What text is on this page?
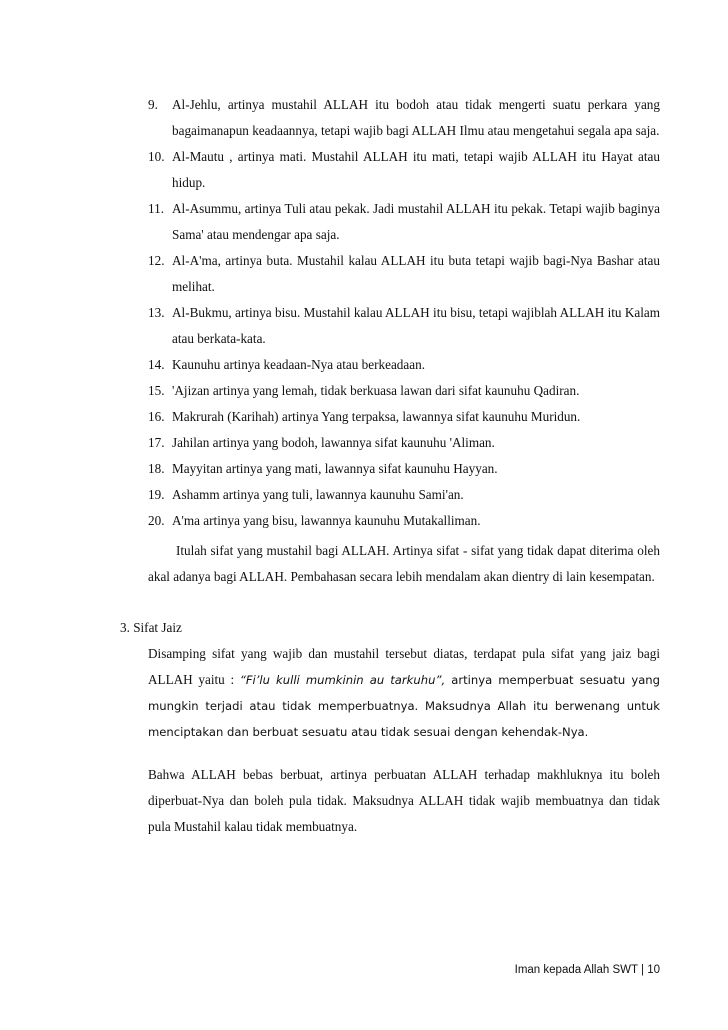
9. Al-Jehlu, artinya mustahil ALLAH itu bodoh atau tidak mengerti suatu perkara yang bagaimanapun keadaannya, tetapi wajib bagi ALLAH Ilmu atau mengetahui segala apa saja.
10. Al-Mautu , artinya mati. Mustahil ALLAH itu mati, tetapi wajib ALLAH itu Hayat atau hidup.
11. Al-Asummu, artinya Tuli atau pekak. Jadi mustahil ALLAH itu pekak. Tetapi wajib baginya Sama' atau mendengar apa saja.
12. Al-A'ma, artinya buta. Mustahil kalau ALLAH itu buta tetapi wajib bagi-Nya Bashar atau melihat.
13. Al-Bukmu, artinya bisu. Mustahil kalau ALLAH itu bisu, tetapi wajiblah ALLAH itu Kalam atau berkata-kata.
14. Kaunuhu artinya keadaan-Nya atau berkeadaan.
15. 'Ajizan artinya yang lemah, tidak berkuasa lawan dari sifat kaunuhu Qadiran.
16. Makrurah (Karihah) artinya Yang terpaksa, lawannya sifat kaunuhu Muridun.
17. Jahilan artinya yang bodoh, lawannya sifat kaunuhu 'Aliman.
18. Mayyitan artinya yang mati, lawannya sifat kaunuhu Hayyan.
19. Ashamm artinya yang tuli, lawannya kaunuhu Sami'an.
20. A'ma artinya yang bisu, lawannya kaunuhu Mutakalliman.

Itulah sifat yang mustahil bagi ALLAH. Artinya sifat - sifat yang tidak dapat diterima oleh akal adanya bagi ALLAH. Pembahasan secara lebih mendalam akan dientry di lain kesempatan.

3. Sifat Jaiz

Disamping sifat yang wajib dan mustahil tersebut diatas, terdapat pula sifat yang jaiz bagi ALLAH yaitu : “Fi’lu kulli mumkinin au tarkuhu”, artinya memperbuat sesuatu yang mungkin terjadi atau tidak memperbuatnya. Maksudnya Allah itu berwenang untuk menciptakan dan berbuat sesuatu atau tidak sesuai dengan kehendak-Nya.

Bahwa ALLAH bebas berbuat, artinya perbuatan ALLAH terhadap makhluknya itu boleh diperbuat-Nya dan boleh pula tidak. Maksudnya ALLAH tidak wajib membuatnya dan tidak pula Mustahil kalau tidak membuatnya.

Iman kepada Allah SWT | 10
